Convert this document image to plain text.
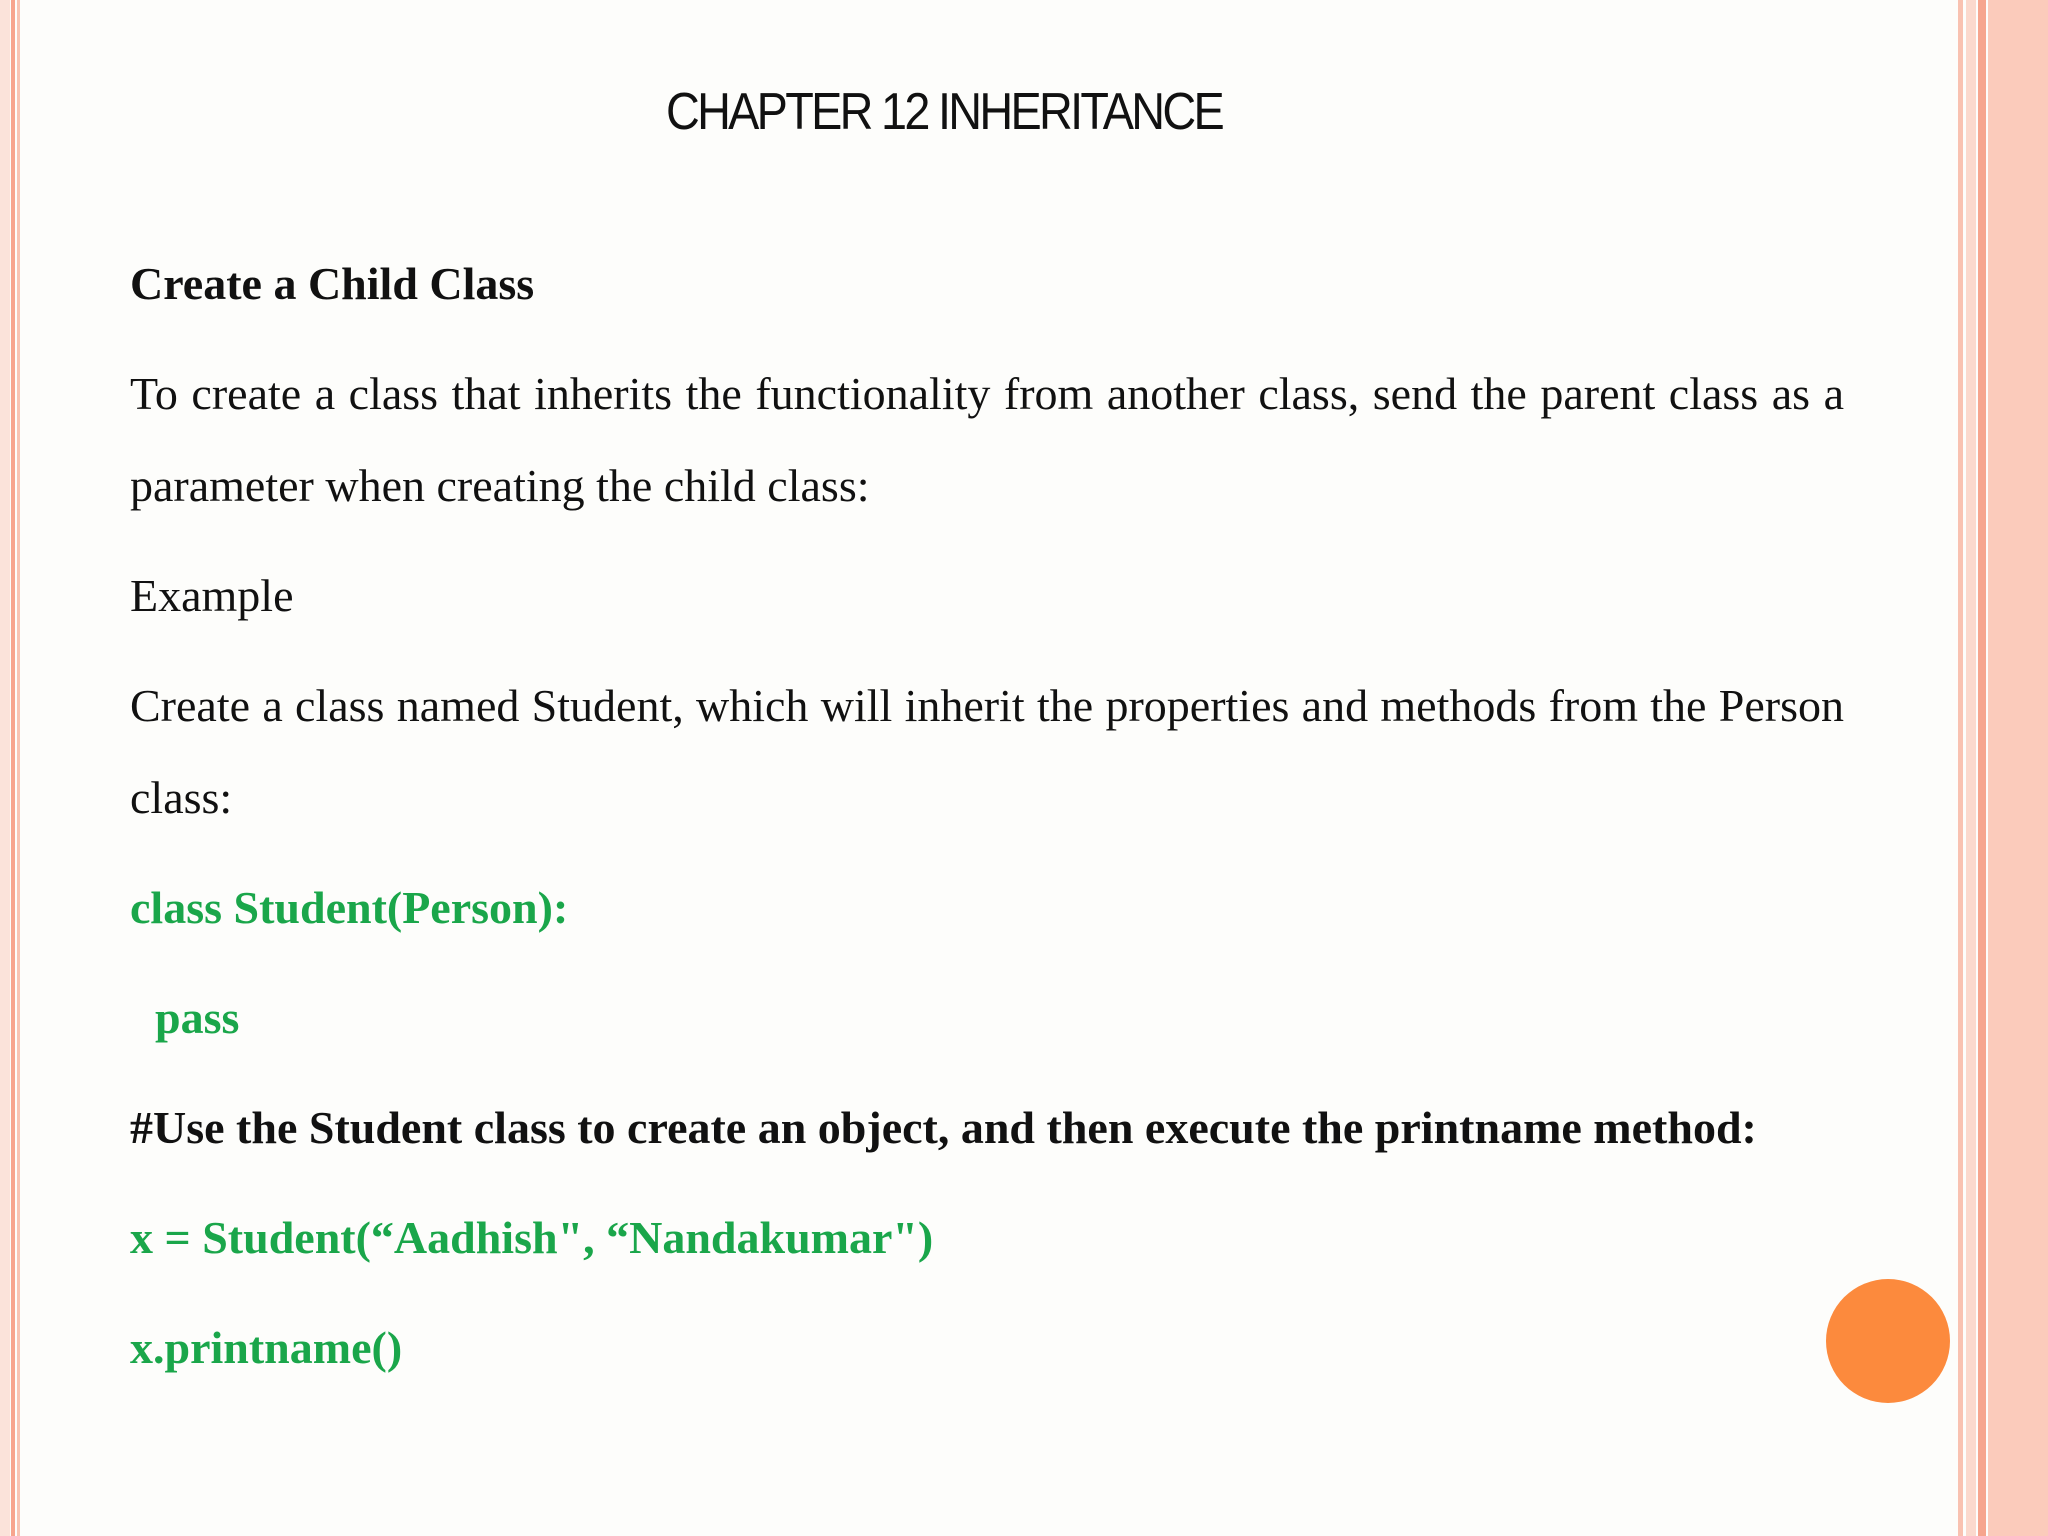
CHAPTER 12 INHERITANCE

Create a Child Class

To create a class that inherits the functionality from another class, send the parent class as a parameter when creating the child class:

Example

Create a class named Student, which will inherit the properties and methods from the Person class:

class Student(Person):

pass

#Use the Student class to create an object, and then execute the printname method:

x = Student(“Aadhish", “Nandakumar")

x.printname()
